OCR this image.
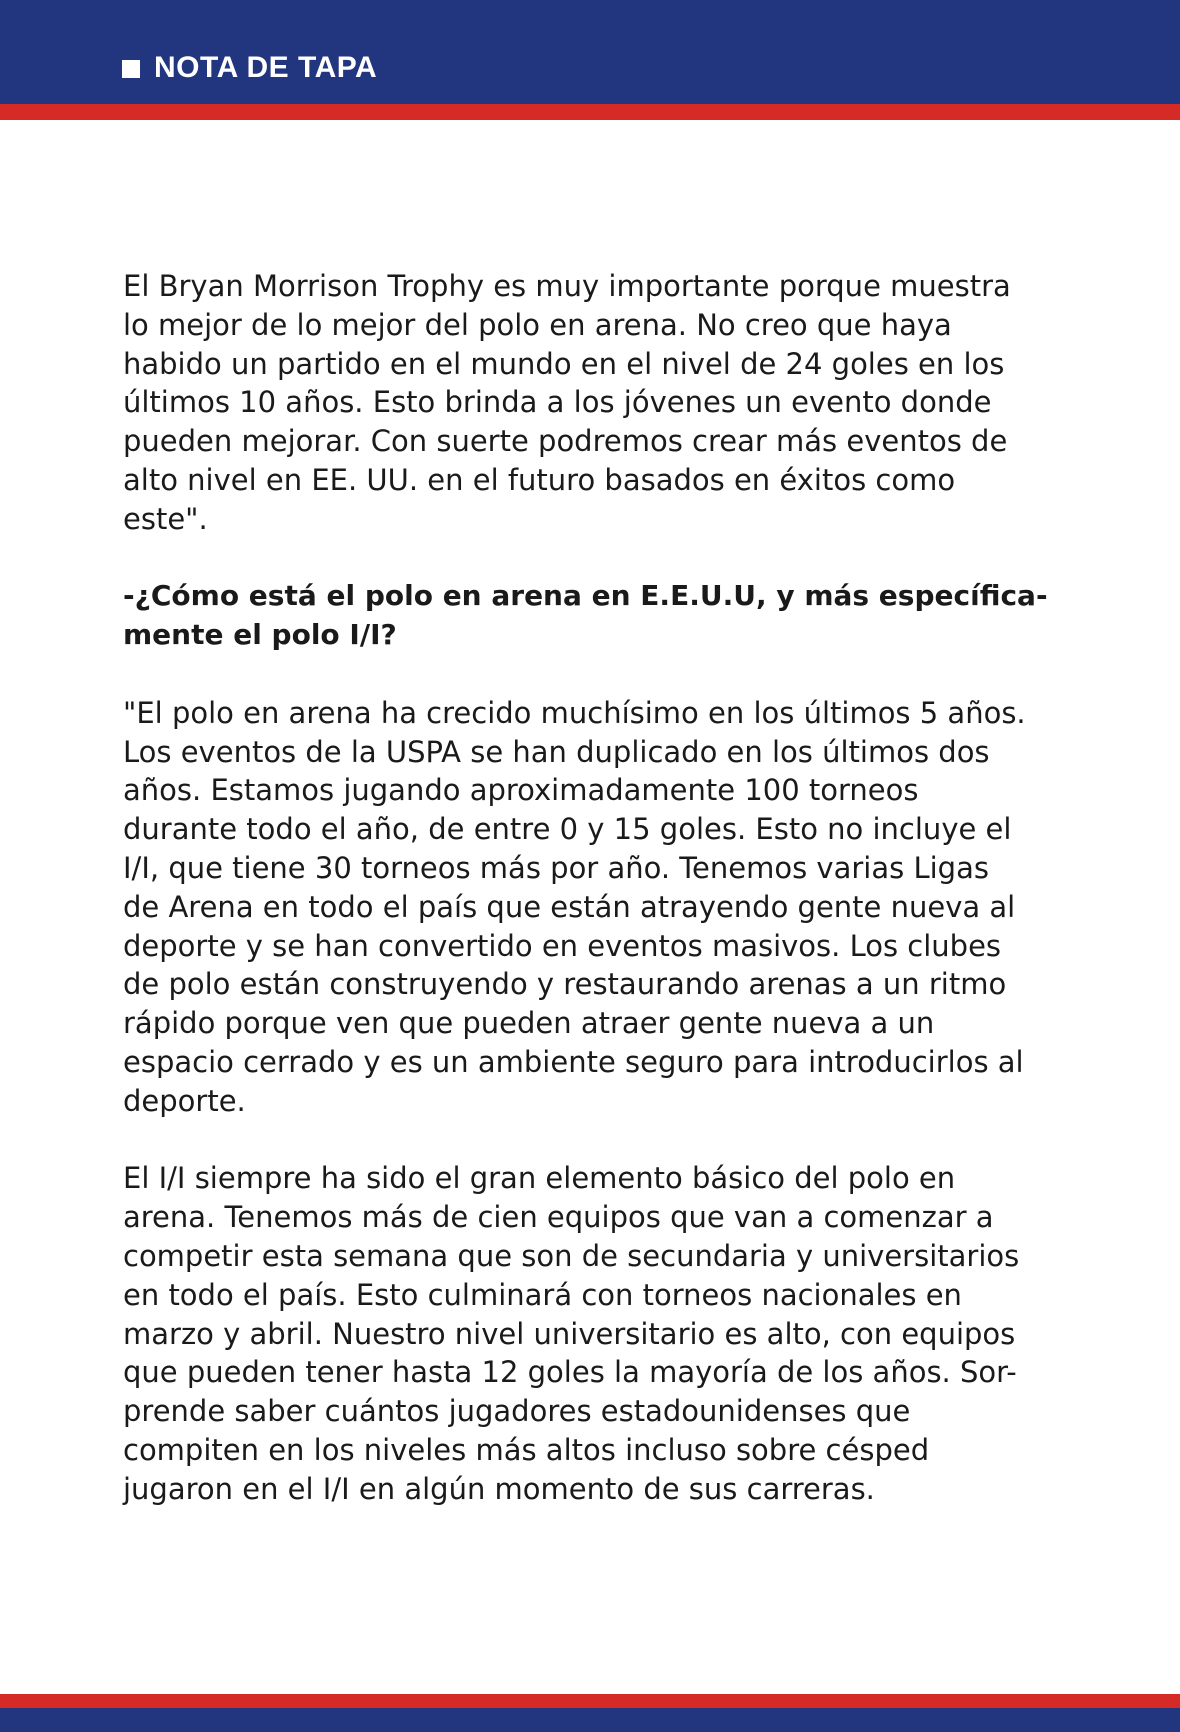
NOTA DE TAPA

El Bryan Morrison Trophy es muy importante porque muestra
lo mejor de lo mejor del polo en arena. No creo que haya
habido un partido en el mundo en el nivel de 24 goles en los
últimos 10 años. Esto brinda a los jóvenes un evento donde
pueden mejorar. Con suerte podremos crear más eventos de
alto nivel en EE. UU. en el futuro basados en éxitos como
este".

-¿Cómo está el polo en arena en E.E.U.U, y más específica-
mente el polo I/I?

"El polo en arena ha crecido muchísimo en los últimos 5 años.
Los eventos de la USPA se han duplicado en los últimos dos
años. Estamos jugando aproximadamente 100 torneos
durante todo el año, de entre 0 y 15 goles. Esto no incluye el
I/I, que tiene 30 torneos más por año. Tenemos varias Ligas
de Arena en todo el país que están atrayendo gente nueva al
deporte y se han convertido en eventos masivos. Los clubes
de polo están construyendo y restaurando arenas a un ritmo
rápido porque ven que pueden atraer gente nueva a un
espacio cerrado y es un ambiente seguro para introducirlos al
deporte.

El I/I siempre ha sido el gran elemento básico del polo en
arena. Tenemos más de cien equipos que van a comenzar a
competir esta semana que son de secundaria y universitarios
en todo el país. Esto culminará con torneos nacionales en
marzo y abril. Nuestro nivel universitario es alto, con equipos
que pueden tener hasta 12 goles la mayoría de los años. Sor-
prende saber cuántos jugadores estadounidenses que
compiten en los niveles más altos incluso sobre césped
jugaron en el I/I en algún momento de sus carreras.
